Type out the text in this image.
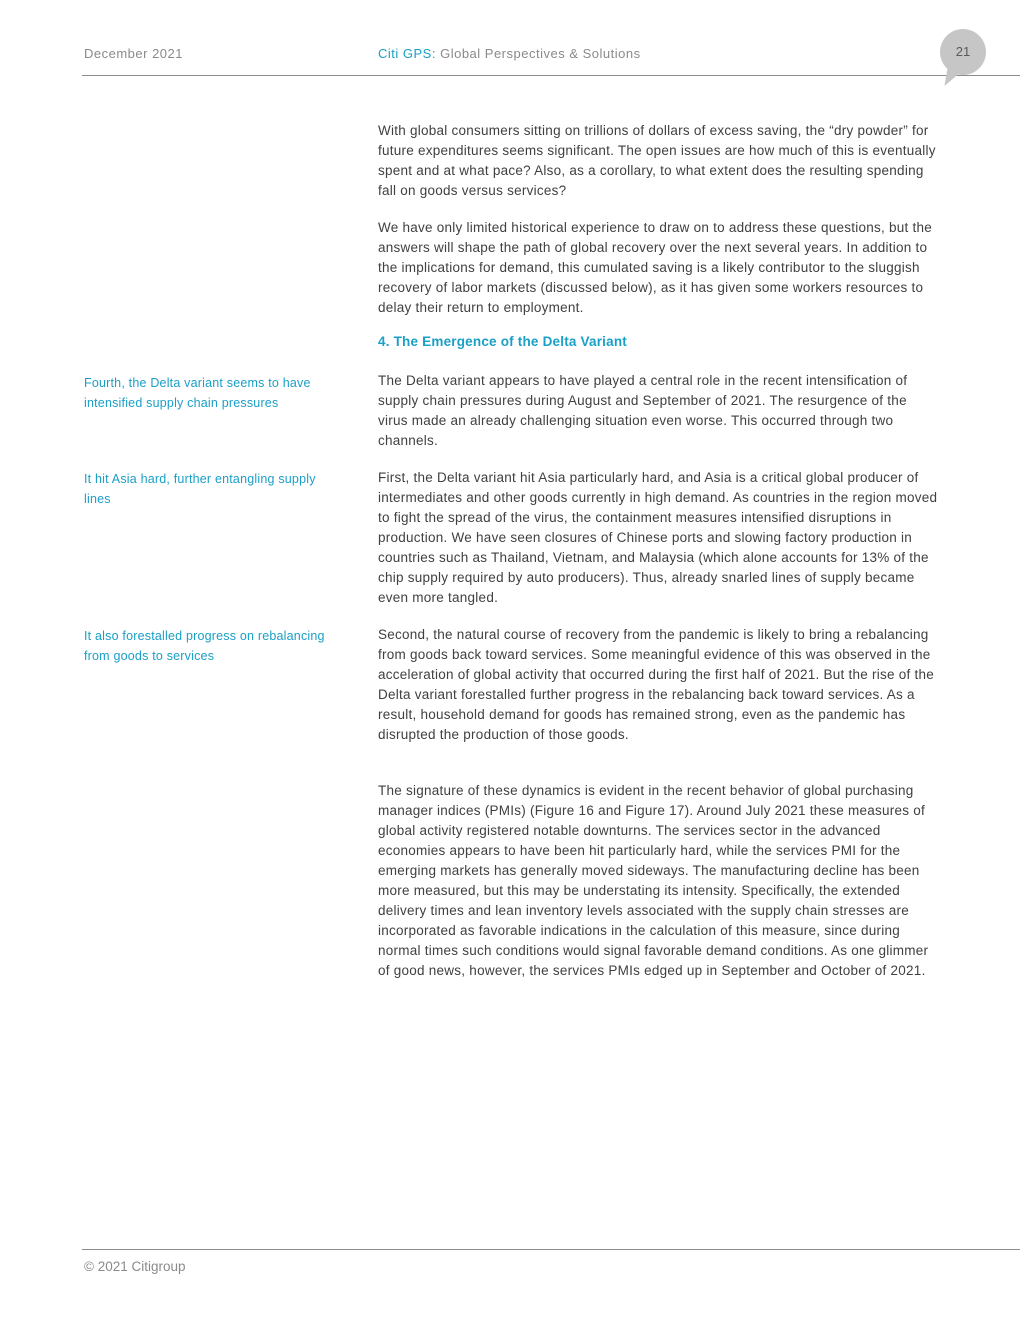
December 2021	Citi GPS: Global Perspectives & Solutions	21
Fourth, the Delta variant seems to have intensified supply chain pressures
It hit Asia hard, further entangling supply lines
It also forestalled progress on rebalancing from goods to services

With global consumers sitting on trillions of dollars of excess saving, the “dry powder” for future expenditures seems significant. The open issues are how much of this is eventually spent and at what pace? Also, as a corollary, to what extent does the resulting spending fall on goods versus services?

We have only limited historical experience to draw on to address these questions, but the answers will shape the path of global recovery over the next several years. In addition to the implications for demand, this cumulated saving is a likely contributor to the sluggish recovery of labor markets (discussed below), as it has given some workers resources to delay their return to employment.

4. The Emergence of the Delta Variant

The Delta variant appears to have played a central role in the recent intensification of supply chain pressures during August and September of 2021. The resurgence of the virus made an already challenging situation even worse. This occurred through two channels.

First, the Delta variant hit Asia particularly hard, and Asia is a critical global producer of intermediates and other goods currently in high demand. As countries in the region moved to fight the spread of the virus, the containment measures intensified disruptions in production. We have seen closures of Chinese ports and slowing factory production in countries such as Thailand, Vietnam, and Malaysia (which alone accounts for 13% of the chip supply required by auto producers). Thus, already snarled lines of supply became even more tangled.

Second, the natural course of recovery from the pandemic is likely to bring a rebalancing from goods back toward services. Some meaningful evidence of this was observed in the acceleration of global activity that occurred during the first half of 2021. But the rise of the Delta variant forestalled further progress in the rebalancing back toward services. As a result, household demand for goods has remained strong, even as the pandemic has disrupted the production of those goods.

The signature of these dynamics is evident in the recent behavior of global purchasing manager indices (PMIs) (Figure 16 and Figure 17). Around July 2021 these measures of global activity registered notable downturns. The services sector in the advanced economies appears to have been hit particularly hard, while the services PMI for the emerging markets has generally moved sideways. The manufacturing decline has been more measured, but this may be understating its intensity. Specifically, the extended delivery times and lean inventory levels associated with the supply chain stresses are incorporated as favorable indications in the calculation of this measure, since during normal times such conditions would signal favorable demand conditions. As one glimmer of good news, however, the services PMIs edged up in September and October of 2021.

© 2021 Citigroup
